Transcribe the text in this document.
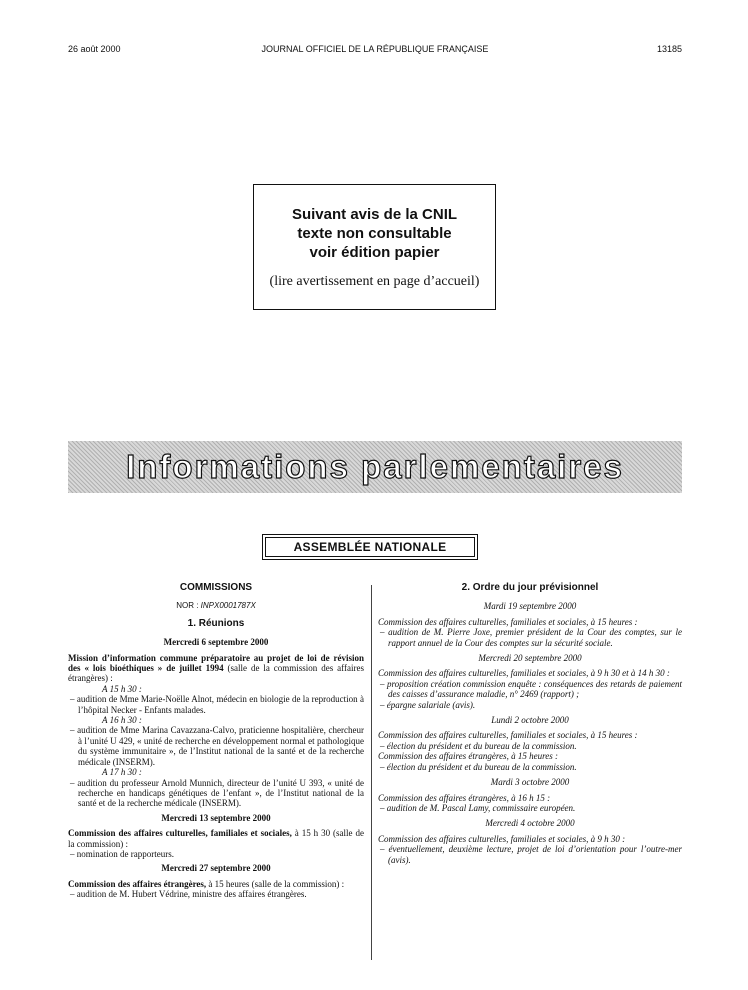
26 août 2000	JOURNAL OFFICIEL DE LA RÉPUBLIQUE FRANÇAISE	13185
Suivant avis de la CNIL
texte non consultable
voir édition papier
(lire avertissement en page d’accueil)
Informations parlementaires
ASSEMBLÉE NATIONALE
COMMISSIONS
NOR : INPX0001787X
1. Réunions
Mercredi 6 septembre 2000
Mission d’information commune préparatoire au projet de loi de révision des « lois bioéthiques » de juillet 1994 (salle de la commission des affaires étrangères) :
A 15 h 30 :
– audition de Mme Marie-Noëlle Alnot, médecin en biologie de la reproduction à l’hôpital Necker - Enfants malades.
A 16 h 30 :
– audition de Mme Marina Cavazzana-Calvo, praticienne hospitalière, chercheur à l’unité U 429, « unité de recherche en développement normal et pathologique du système immunitaire », de l’Institut national de la santé et de la recherche médicale (INSERM).
A 17 h 30 :
– audition du professeur Arnold Munnich, directeur de l’unité U 393, « unité de recherche en handicaps génétiques de l’enfant », de l’Institut national de la santé et de la recherche médicale (INSERM).
Mercredi 13 septembre 2000
Commission des affaires culturelles, familiales et sociales, à 15 h 30 (salle de la commission) :
– nomination de rapporteurs.
Mercredi 27 septembre 2000
Commission des affaires étrangères, à 15 heures (salle de la commission) :
– audition de M. Hubert Védrine, ministre des affaires étrangères.
2. Ordre du jour prévisionnel
Mardi 19 septembre 2000
Commission des affaires culturelles, familiales et sociales, à 15 heures :
– audition de M. Pierre Joxe, premier président de la Cour des comptes, sur le rapport annuel de la Cour des comptes sur la sécurité sociale.
Mercredi 20 septembre 2000
Commission des affaires culturelles, familiales et sociales, à 9 h 30 et à 14 h 30 :
– proposition création commission enquête : conséquences des retards de paiement des caisses d’assurance maladie, n° 2469 (rapport) ;
– épargne salariale (avis).
Lundi 2 octobre 2000
Commission des affaires culturelles, familiales et sociales, à 15 heures :
– élection du président et du bureau de la commission.
Commission des affaires étrangères, à 15 heures :
– élection du président et du bureau de la commission.
Mardi 3 octobre 2000
Commission des affaires étrangères, à 16 h 15 :
– audition de M. Pascal Lamy, commissaire européen.
Mercredi 4 octobre 2000
Commission des affaires culturelles, familiales et sociales, à 9 h 30 :
– éventuellement, deuxième lecture, projet de loi d’orientation pour l’outre-mer (avis).
